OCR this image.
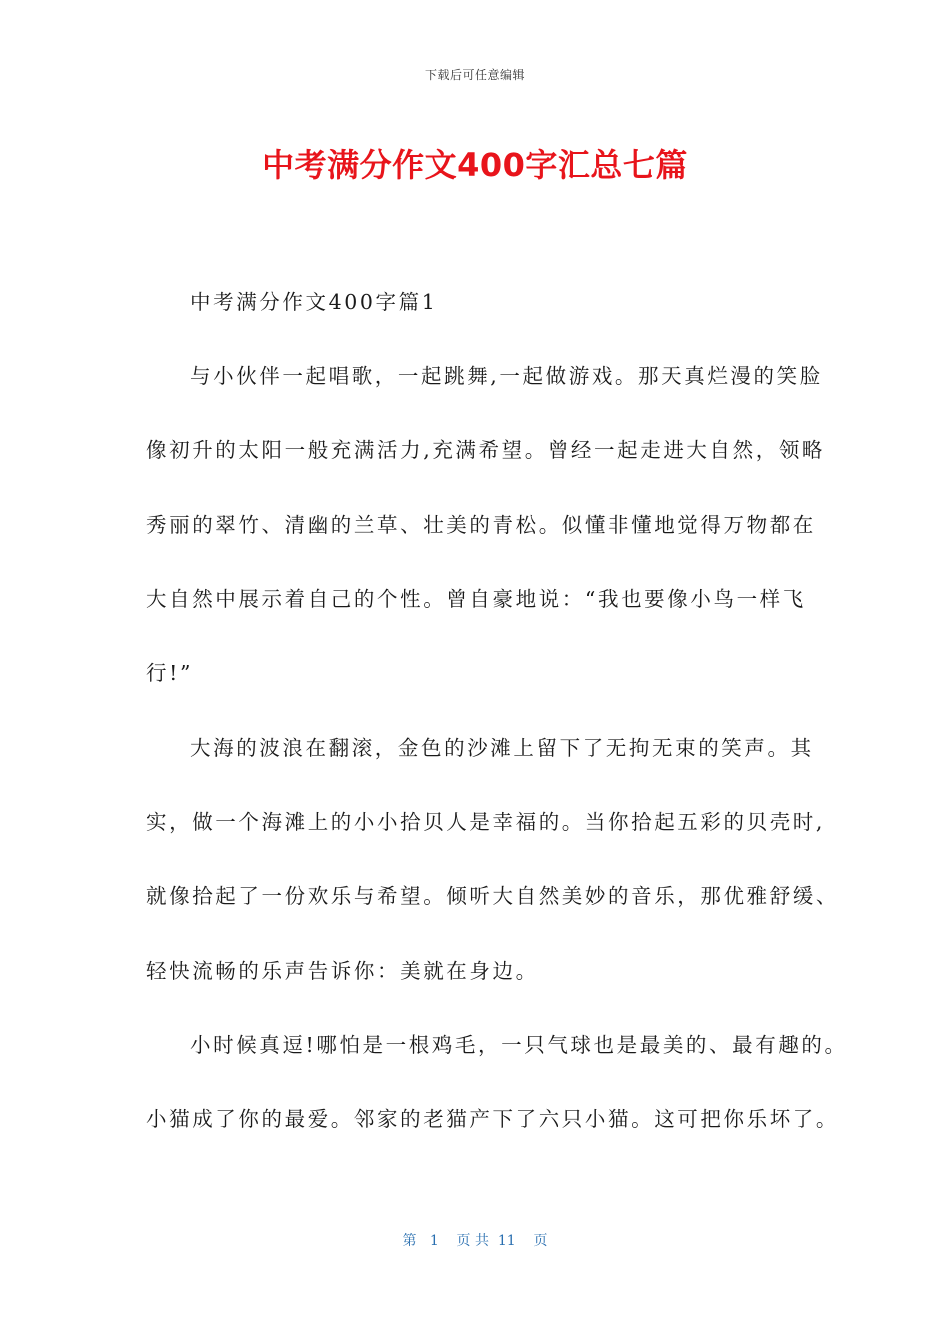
下载后可任意编辑
中考满分作文400字汇总七篇
中考满分作文400字篇1
与小伙伴一起唱歌，一起跳舞,一起做游戏。那天真烂漫的笑脸
像初升的太阳一般充满活力,充满希望。曾经一起走进大自然，领略
秀丽的翠竹、清幽的兰草、壮美的青松。似懂非懂地觉得万物都在
大自然中展示着自己的个性。曾自豪地说：“我也要像小鸟一样飞
行!”
大海的波浪在翻滚，金色的沙滩上留下了无拘无束的笑声。其
实，做一个海滩上的小小拾贝人是幸福的。当你拾起五彩的贝壳时,
就像拾起了一份欢乐与希望。倾听大自然美妙的音乐，那优雅舒缓、
轻快流畅的乐声告诉你：美就在身边。
小时候真逗!哪怕是一根鸡毛，一只气球也是最美的、最有趣的。
小猫成了你的最爱。邻家的老猫产下了六只小猫。这可把你乐坏了。
第   1    页 共  11    页
